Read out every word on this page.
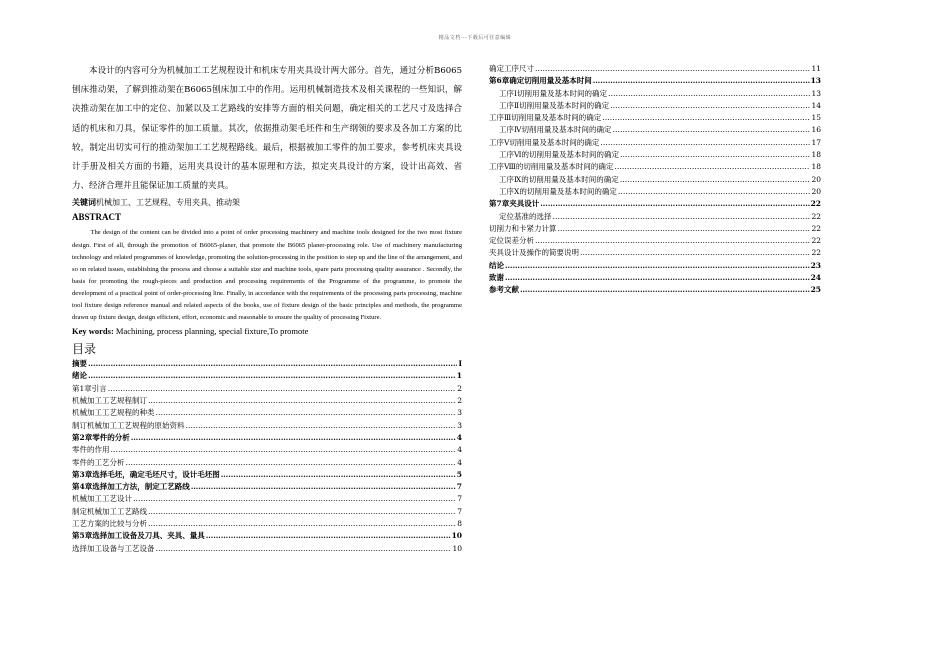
精品文档---下载后可任意编辑

本设计的内容可分为机械加工工艺规程设计和机床专用夹具设计两大部分。首先，通过分析B6065刨床推动架，了解到推动架在B6065刨床加工中的作用。运用机械制造技术及相关课程的一些知识，解决推动架在加工中的定位、加紧以及工艺路线的安排等方面的相关问题，确定相关的工艺尺寸及选择合适的机床和刀具，保证零件的加工质量。其次，依据推动架毛坯件和生产纲领的要求及各加工方案的比较，制定出切实可行的推动架加工工艺规程路线。最后，根据被加工零件的加工要求，参考机床夹具设计手册及相关方面的书籍，运用夹具设计的基本原理和方法，拟定夹具设计的方案，设计出高效、省力、经济合理并且能保证加工质量的夹具。

关键词机械加工、工艺规程、专用夹具、推动架
ABSTRACT

The design of the content can be divided into a point of order processing machinery and machine tools designed for the two most fixture design. First of all, through the promotion of B6065-planer, that promote the B6065 planer-processing role. Use of machinery manufacturing technology and related programmes of knowledge, promoting the solution-processing in the position to step up and the line of the arrangement, and so on related issues, establishing the process and choose a suitable size and machine tools, spare parts processing quality assurance . Secondly, the basis for promoting the rough-pieces and production and processing requirements of the Programme of the programme, to promote the development of a practical point of order-processing line. Finally, in accordance with the requirements of the processing parts processing, machine tool fixture design reference manual and related aspects of the books, use of fixture design of the basic principles and methods, the programme drawn up fixture design, design efficient, effort, economic and reasonable to ensure the quality of processing Fixture.

Key words: Machining, process planning, special fixture,To promote
目录
摘要 …………………………………………………………………………………………………………………………………………………………………………………………	I
绪论 …………………………………………………………………………………………………………………………………………………………………………………………	1
第1章引言 …………………………………………………………………………………………………………………………………………………………………………………………	2
机械加工工艺规程制订 …………………………………………………………………………………………………………………………………………………………………………………………	2
机械加工工艺规程的种类 …………………………………………………………………………………………………………………………………………………………………………………………	3
制订机械加工工艺规程的原始资料 …………………………………………………………………………………………………………………………………………………………………………………………	3
第2章零件的分析 …………………………………………………………………………………………………………………………………………………………………………………………	4
零件的作用 …………………………………………………………………………………………………………………………………………………………………………………………	4
零件的工艺分析 …………………………………………………………………………………………………………………………………………………………………………………………	4
第3章选择毛坯，确定毛坯尺寸，设计毛坯图 …………………………………………………………………………………………………………………………………………………………………………………………	5
第4章选择加工方法，制定工艺路线 …………………………………………………………………………………………………………………………………………………………………………………………	7
机械加工工艺设计 …………………………………………………………………………………………………………………………………………………………………………………………	7
制定机械加工工艺路线 …………………………………………………………………………………………………………………………………………………………………………………………	7
工艺方案的比较与分析 …………………………………………………………………………………………………………………………………………………………………………………………	8
第5章选择加工设备及刀具、夹具、量具 …………………………………………………………………………………………………………………………………………………………………………………………	10
选择加工设备与工艺设备 …………………………………………………………………………………………………………………………………………………………………………………………	10
确定工序尺寸 …………………………………………………………………………………………………………………………………………………………………………………………	11
第6章确定切削用量及基本时间 …………………………………………………………………………………………………………………………………………………………………………………………	13
工序Ⅰ切削用量及基本时间的确定 …………………………………………………………………………………………………………………………………………………………………………………………	13
工序Ⅱ切削用量及基本时间的确定 …………………………………………………………………………………………………………………………………………………………………………………………	14
工序Ⅲ切削用量及基本时间的确定 …………………………………………………………………………………………………………………………………………………………………………………………	15
工序Ⅳ切削用量及基本时间的确定 …………………………………………………………………………………………………………………………………………………………………………………………	16
工序Ⅴ切削用量及基本时间的确定 …………………………………………………………………………………………………………………………………………………………………………………………	17
工序Ⅵ的切削用量及基本时间的确定 …………………………………………………………………………………………………………………………………………………………………………………………	18
工序Ⅷ的切削用量及基本时间的确定 …………………………………………………………………………………………………………………………………………………………………………………………	18
工序Ⅸ的切削用量及基本时间的确定 …………………………………………………………………………………………………………………………………………………………………………………………	20
工序Ⅹ的切削用量及基本时间的确定 …………………………………………………………………………………………………………………………………………………………………………………………	20
第7章夹具设计 …………………………………………………………………………………………………………………………………………………………………………………………	22
定位基准的选择 …………………………………………………………………………………………………………………………………………………………………………………………	22
切削力和卡紧力计算 …………………………………………………………………………………………………………………………………………………………………………………………	22
定位误差分析 …………………………………………………………………………………………………………………………………………………………………………………………	22
夹具设计及操作的简要说明 …………………………………………………………………………………………………………………………………………………………………………………………	22
结论 …………………………………………………………………………………………………………………………………………………………………………………………	23
致谢 …………………………………………………………………………………………………………………………………………………………………………………………	24
参考文献 …………………………………………………………………………………………………………………………………………………………………………………………	25
